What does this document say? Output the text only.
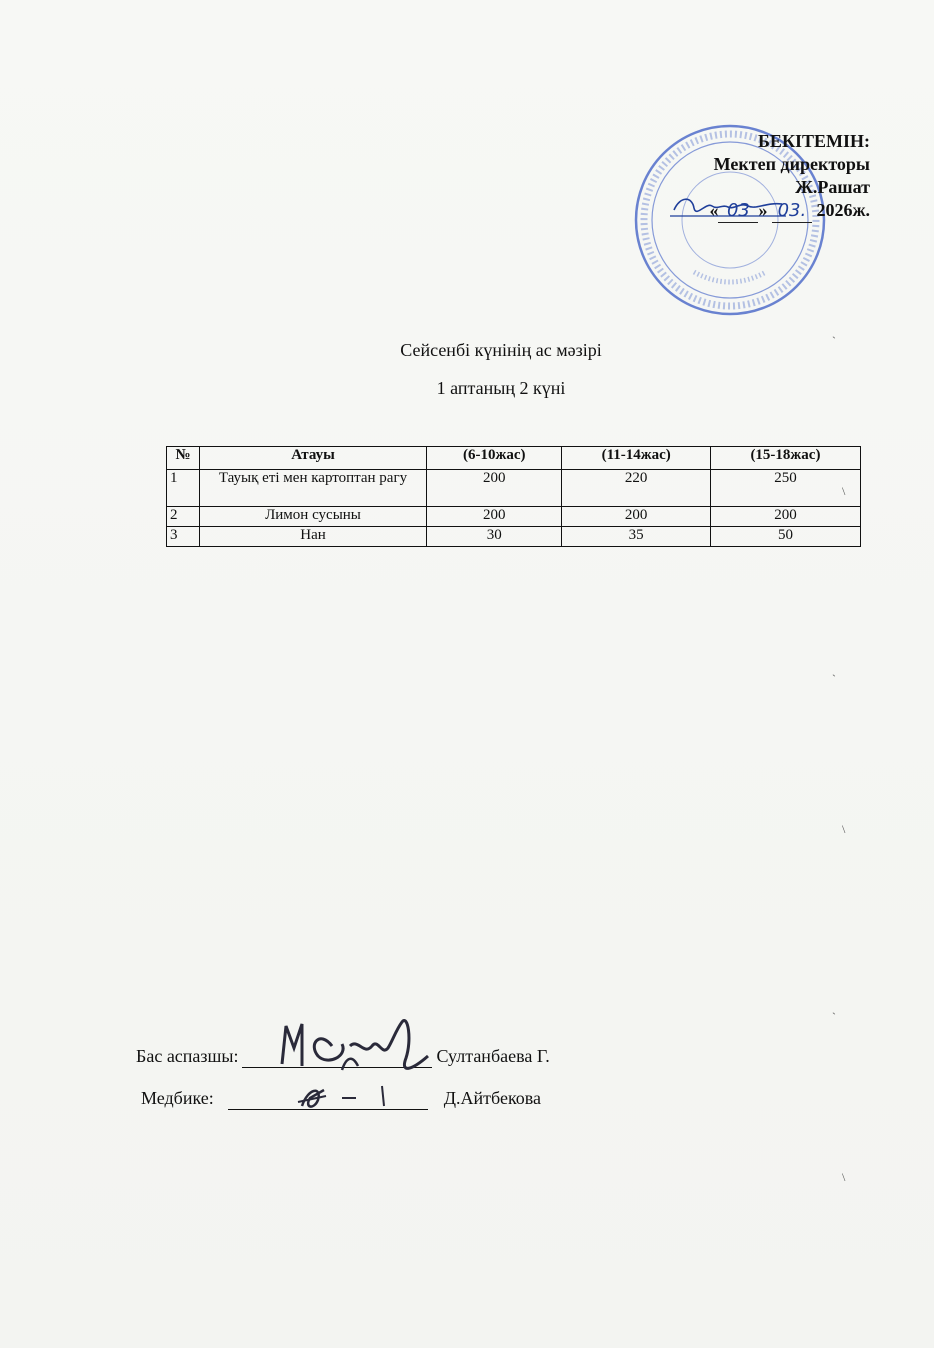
БЕКІТЕМІН:
Мектеп директоры
Ж.Рашат
« 03 » 03. 2026ж.
Сейсенбі күнінің ас мәзірі
1 аптаның 2 күні
№	Атауы	(6-10жас)	(11-14жас)	(15-18жас)
1	Тауық еті мен картоптан рагу	200	220	250
2	Лимон сусыны	200	200	200
3	Нан	30	35	50
Бас аспазшы:	Султанбаева Г.
Медбике:	Д.Айтбекова
ˋ
\
ˋ
\
ˋ
\
